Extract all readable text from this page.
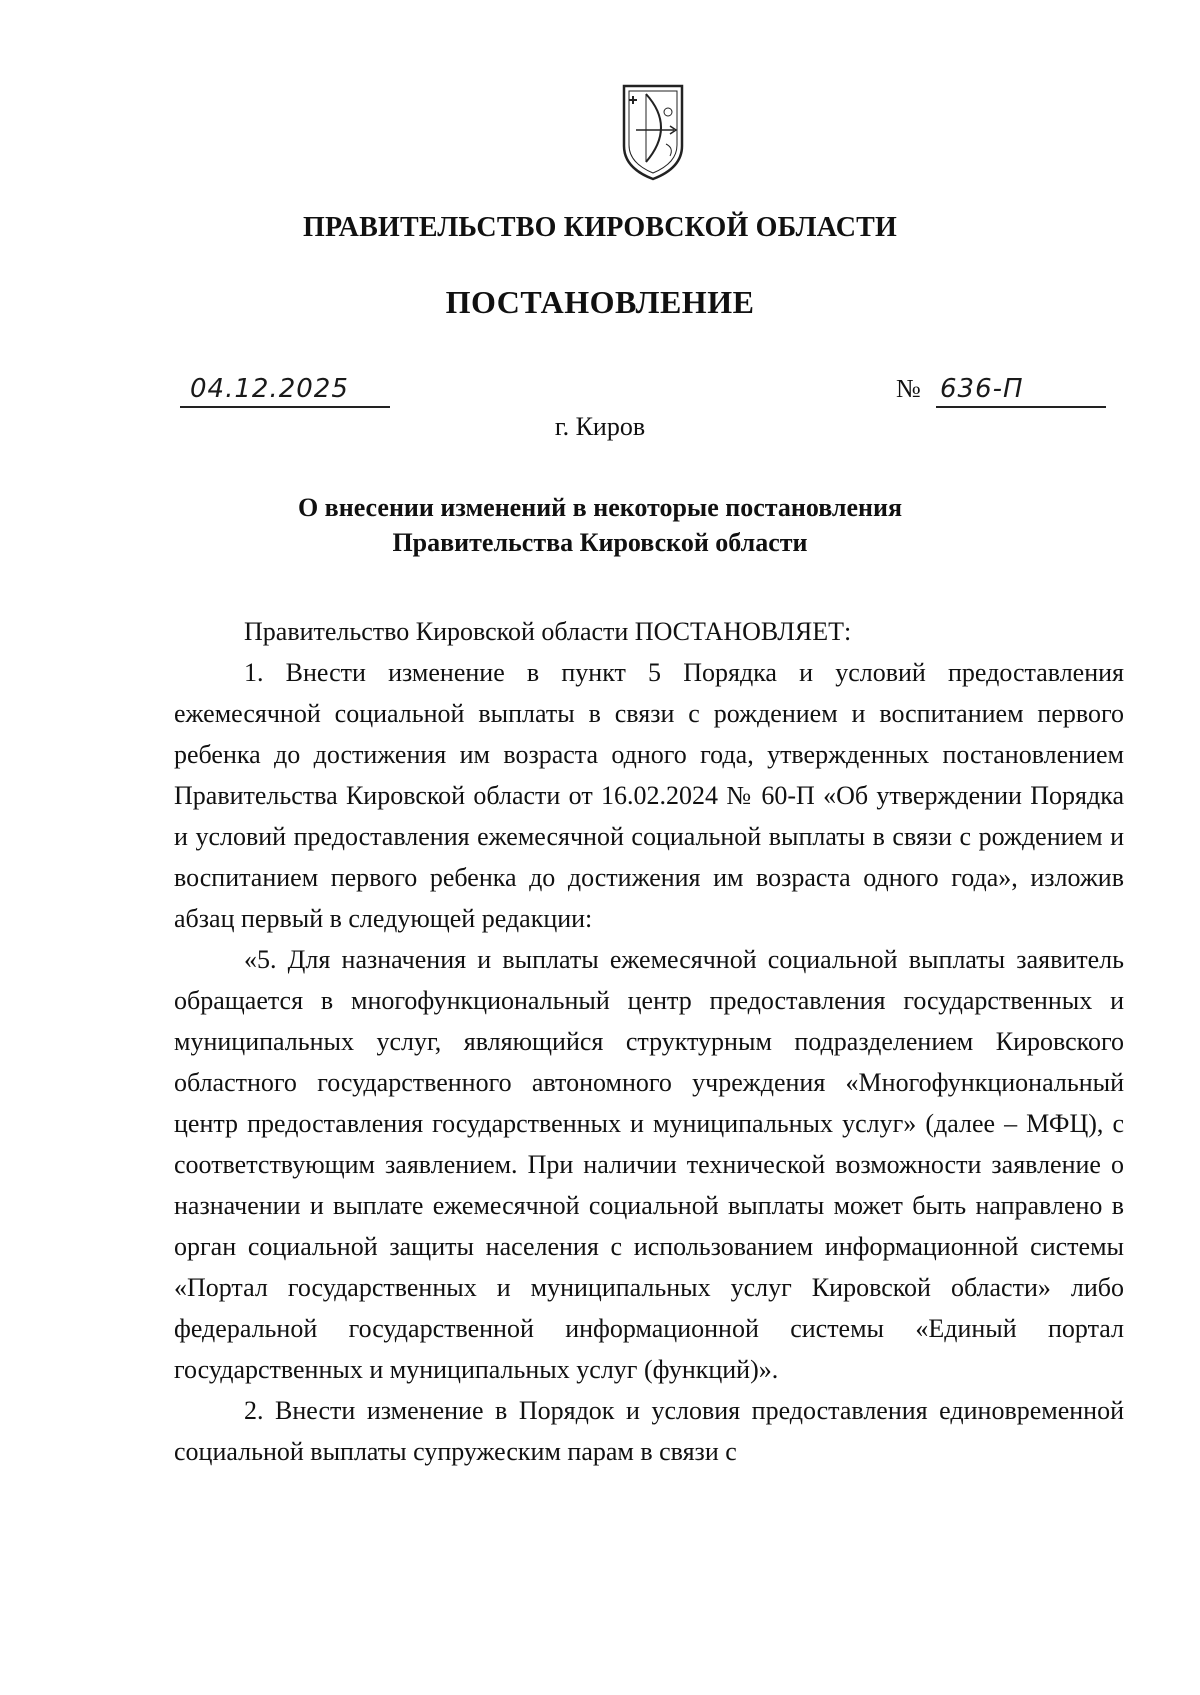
ПРАВИТЕЛЬСТВО КИРОВСКОЙ ОБЛАСТИ
ПОСТАНОВЛЕНИЕ
04.12.2025	№ 636-П
г. Киров
О внесении изменений в некоторые постановления
Правительства Кировской области

Правительство Кировской области ПОСТАНОВЛЯЕТ:

1. Внести изменение в пункт 5 Порядка и условий предоставления ежемесячной социальной выплаты в связи с рождением и воспитанием первого ребенка до достижения им возраста одного года, утвержденных постановлением Правительства Кировской области от 16.02.2024 № 60-П «Об утверждении Порядка и условий предоставления ежемесячной социальной выплаты в связи с рождением и воспитанием первого ребенка до достижения им возраста одного года», изложив абзац первый в следующей редакции:

«5. Для назначения и выплаты ежемесячной социальной выплаты заявитель обращается в многофункциональный центр предоставления государственных и муниципальных услуг, являющийся структурным подразделением Кировского областного государственного автономного учреждения «Многофункциональный центр предоставления государственных и муниципальных услуг» (далее – МФЦ), с соответствующим заявлением. При наличии технической возможности заявление о назначении и выплате ежемесячной социальной выплаты может быть направлено в орган социальной защиты населения с использованием информационной системы «Портал государственных и муниципальных услуг Кировской области» либо федеральной государственной информационной системы «Единый портал государственных и муниципальных услуг (функций)».

2. Внести изменение в Порядок и условия предоставления единовременной социальной выплаты супружеским парам в связи с
